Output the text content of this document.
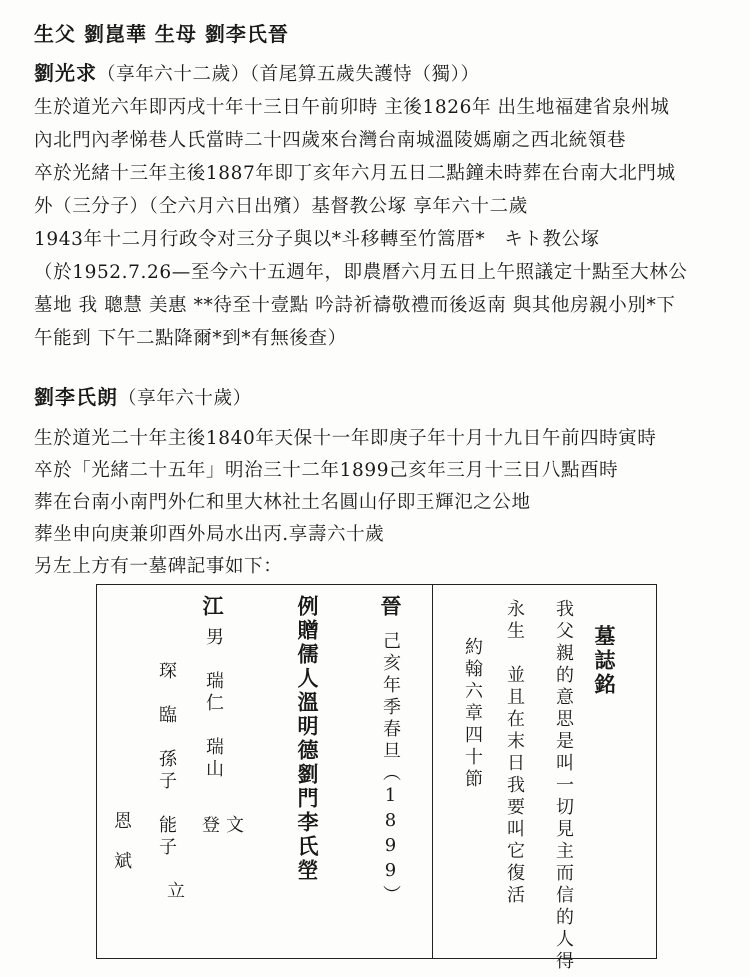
生父 劉崑華 生母 劉李氏晉
劉光求（享年六十二歲）（首尾算五歲失護恃（獨））
生於道光六年即丙戌十年十三日午前卯時 主後1826年 出生地福建省泉州城
內北門內孝悌巷人氏當時二十四歲來台灣台南城溫陵媽廟之西北統領巷
卒於光緒十三年主後1887年即丁亥年六月五日二點鐘未時葬在台南大北門城
外（三分子）（仝六月六日出殯）基督教公塚 享年六十二歲
1943年十二月行政令对三分子與以*斗移轉至竹篙厝*　キト教公塚
（於1952.7.26—至今六十五週年，即農曆六月五日上午照議定十點至大林公
墓地 我 聰慧 美惠 **待至十壹點 吟詩祈禱敬禮而後返南 與其他房親小別*下
午能到 下午二點降爾*到*有無後查）
劉李氏朗（享年六十歲）
生於道光二十年主後1840年天保十一年即庚子年十月十九日午前四時寅時
卒於「光緒二十五年」明治三十二年1899己亥年三月十三日八點酉時
葬在台南小南門外仁和里大林社土名圓山仔即王輝氾之公地
葬坐申向庚兼卯酉外局水出丙.享壽六十歲
另左上方有一墓碑記事如下：
墓誌銘
我父親的意思是叫一切見主而信的人得
永生　並且在末日我要叫它復活
約翰六章四十節
晉
己亥年季春旦（1899）
例贈儒人溫明德劉門李氏塋
江
男　瑞仁　瑞山
登 文
琛　臨　孫子　能子
立
恩
斌
